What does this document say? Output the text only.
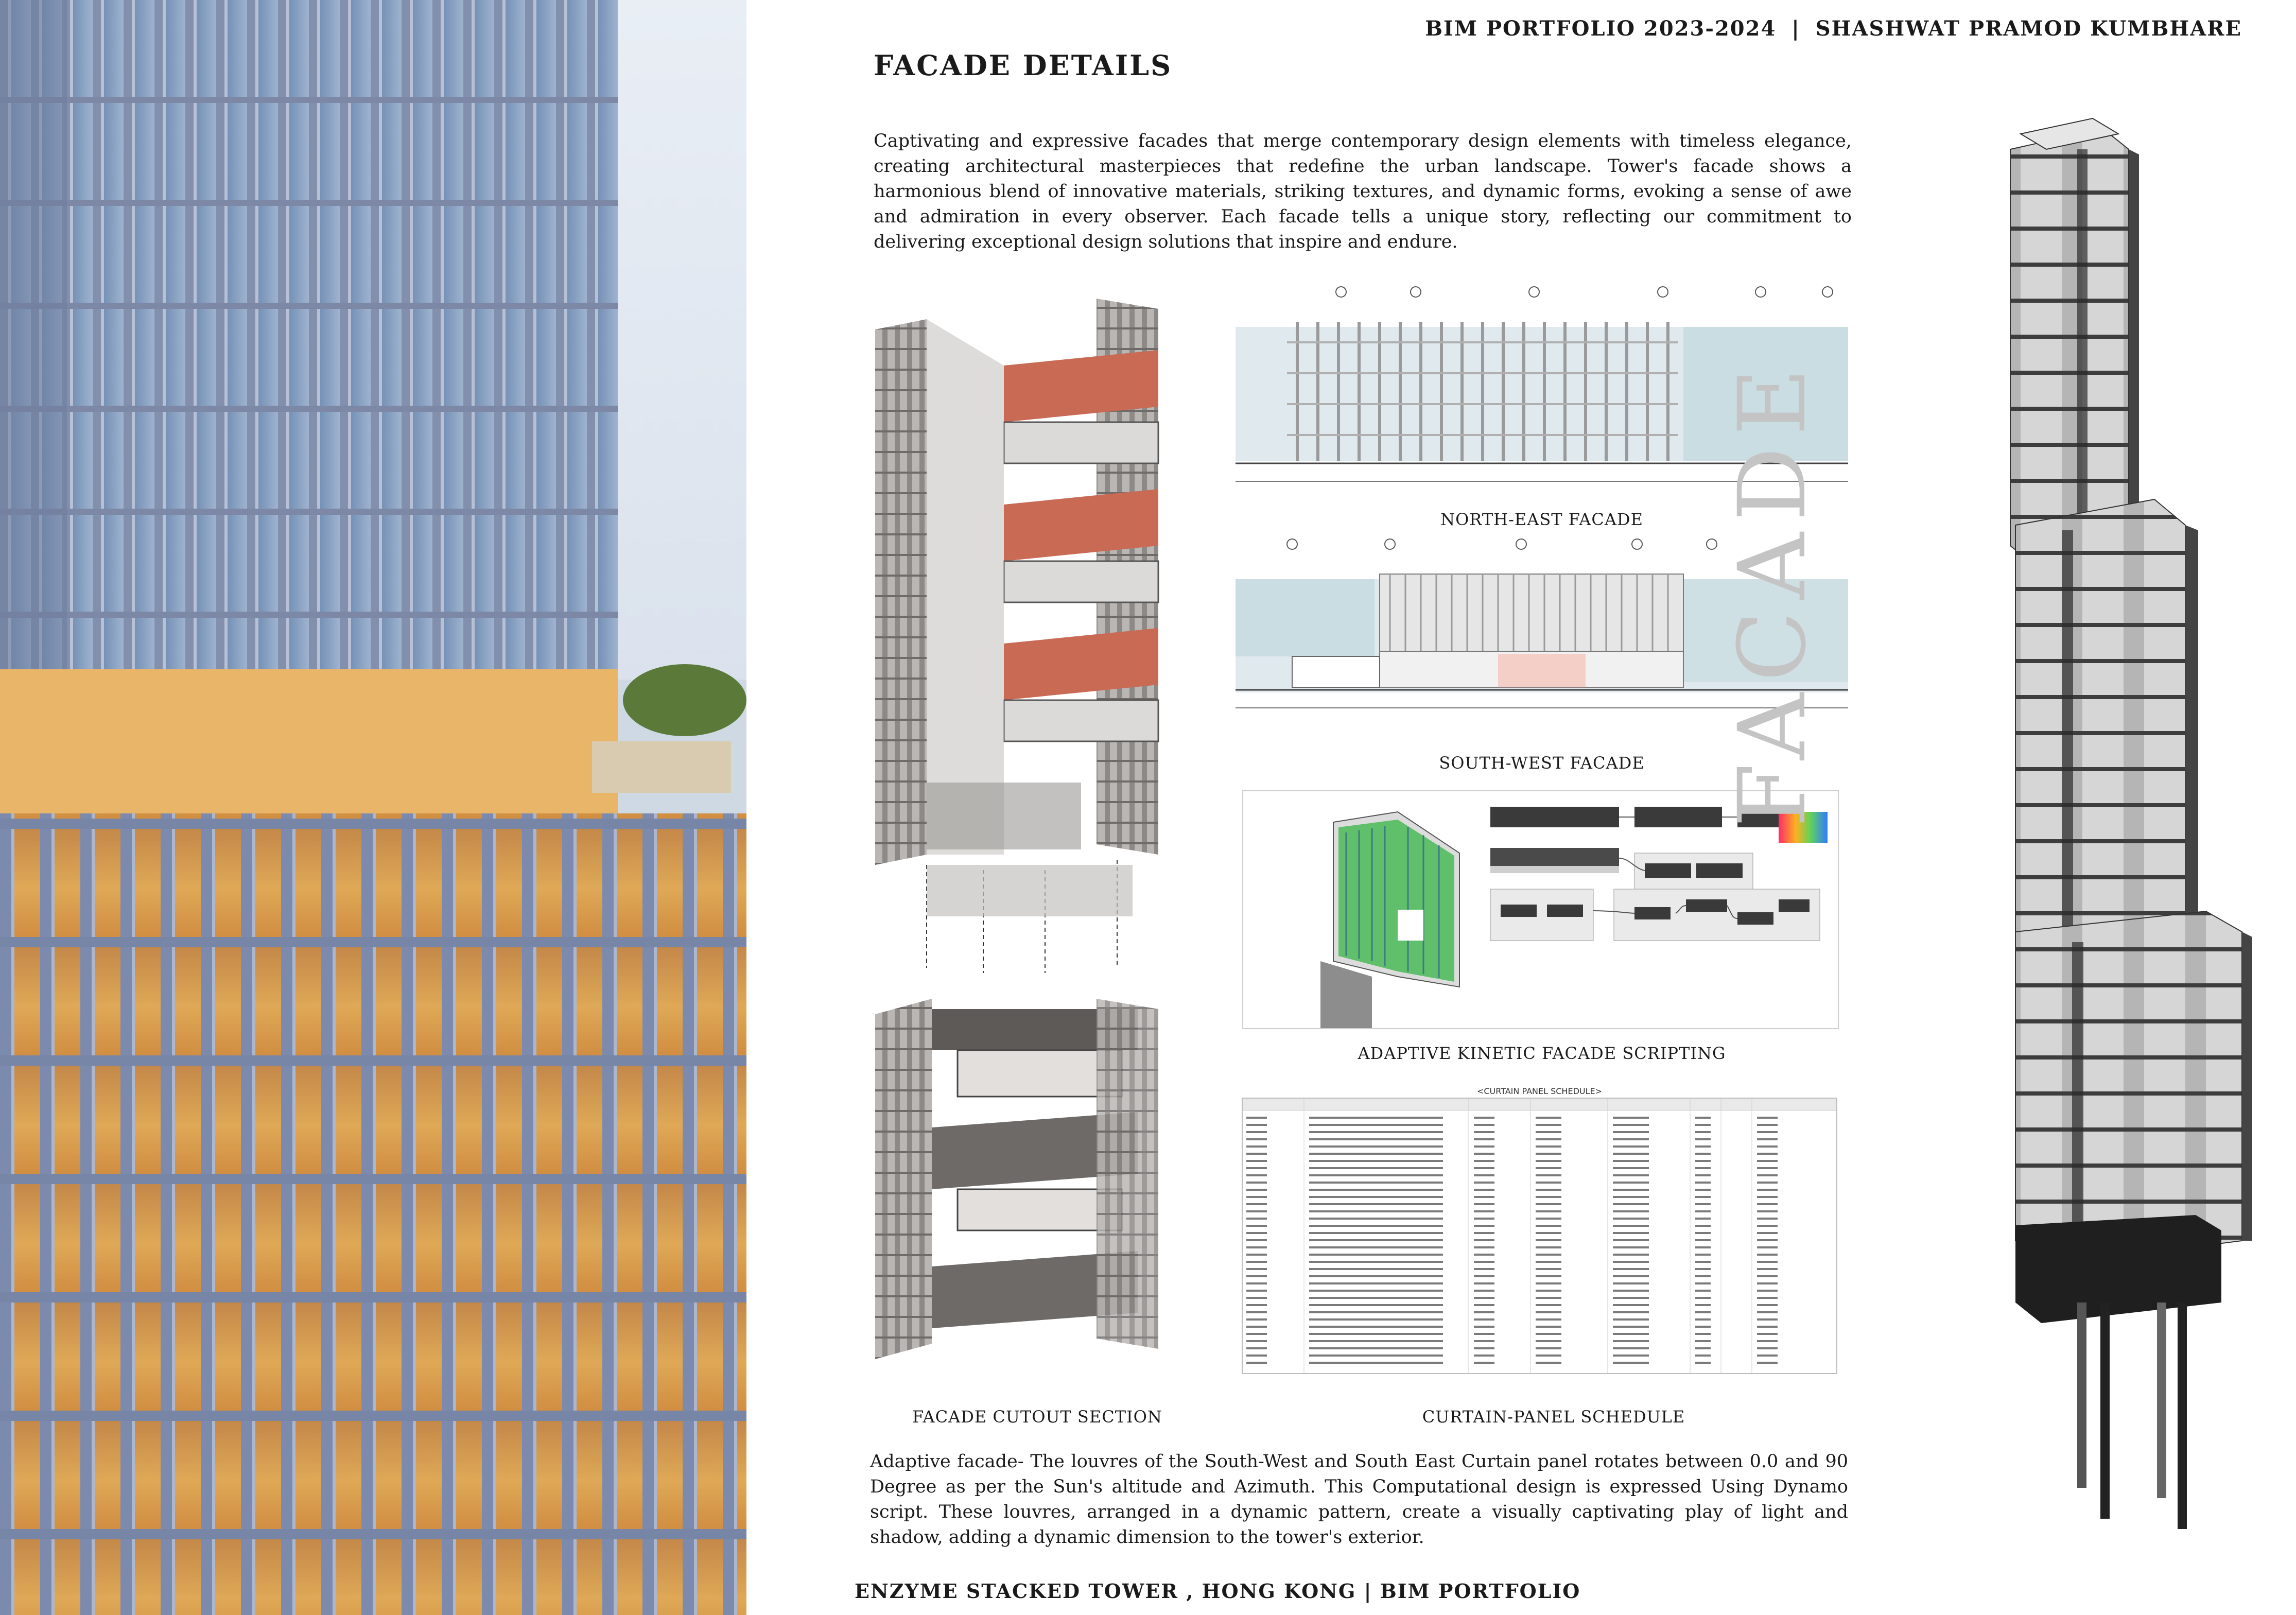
BIM PORTFOLIO 2023-2024 | SHASHWAT PRAMOD KUMBHARE
FACADE DETAILS
Captivating and expressive facades that merge contemporary design elements with timeless elegance, creating architectural masterpieces that redefine the urban landscape. Tower's facade shows a harmonious blend of innovative materials, striking textures, and dynamic forms, evoking a sense of awe and admiration in every observer. Each facade tells a unique story, reflecting our commitment to delivering exceptional design solutions that inspire and endure.
NORTH-EAST FACADE
SOUTH-WEST FACADE
ADAPTIVE KINETIC FACADE SCRIPTING
<CURTAIN PANEL SCHEDULE>
FACADE CUTOUT SECTION	CURTAIN-PANEL SCHEDULE
Adaptive facade- The louvres of the South-West and South East Curtain panel rotates between 0.0 and 90 Degree as per the Sun's altitude and Azimuth. This Computational design is expressed Using Dynamo script. These louvres, arranged in a dynamic pattern, create a visually captivating play of light and shadow, adding a dynamic dimension to the tower's exterior.
FACADE
ENZYME STACKED TOWER , HONG KONG | BIM PORTFOLIO
